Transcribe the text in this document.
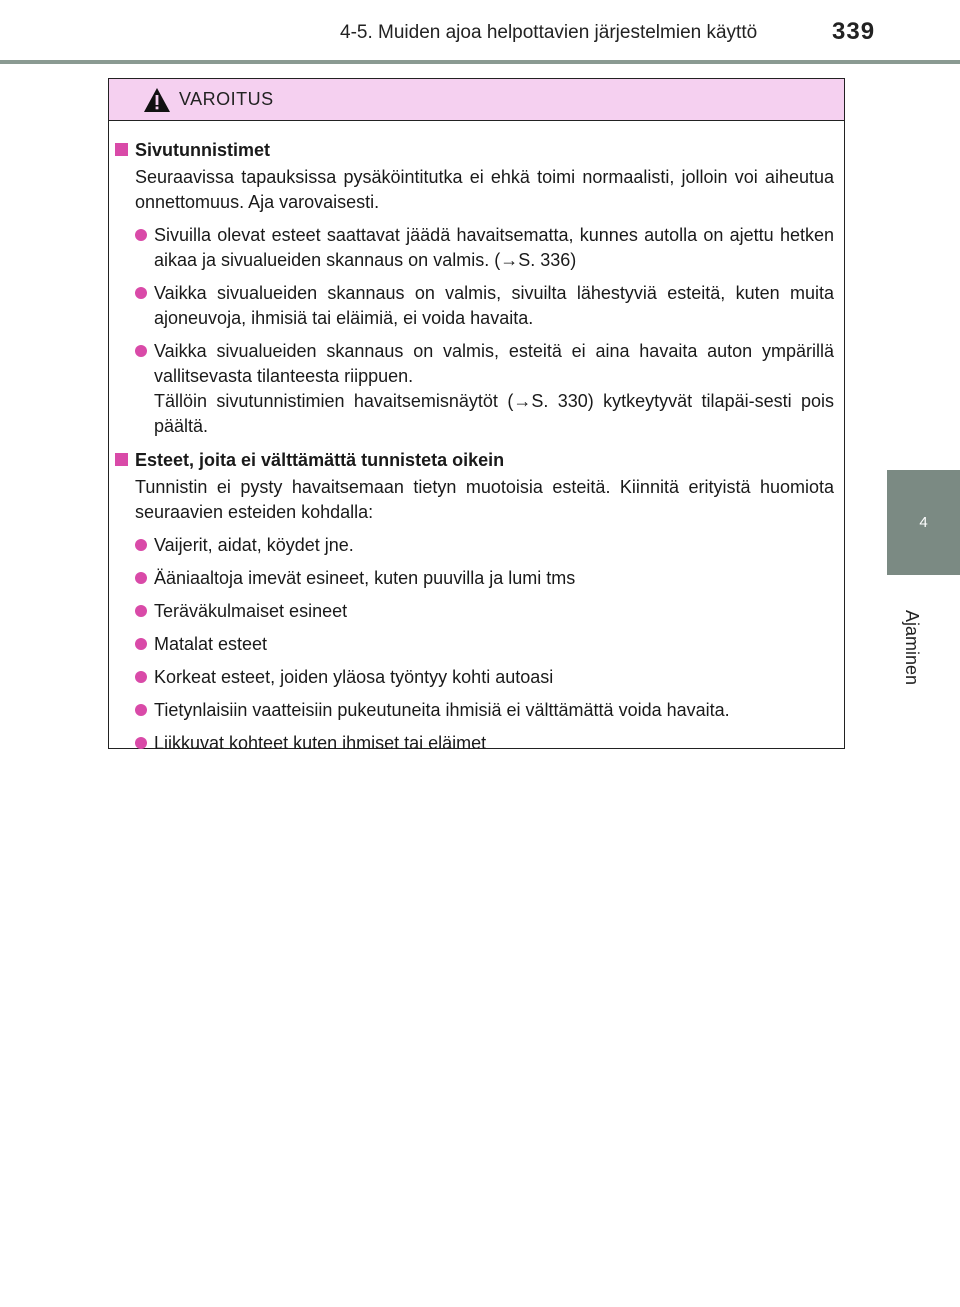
4-5. Muiden ajoa helpottavien järjestelmien käyttö	339
4
Ajaminen
VAROITUS
Sivutunnistimet

Seuraavissa tapauksissa pysäköintitutka ei ehkä toimi normaalisti, jolloin voi aiheutua onnettomuus. Aja varovaisesti.

Sivuilla olevat esteet saattavat jäädä havaitsematta, kunnes autolla on ajettu hetken aikaa ja sivualueiden skannaus on valmis. (→S. 336)
Vaikka sivualueiden skannaus on valmis, sivuilta lähestyviä esteitä, kuten muita ajoneuvoja, ihmisiä tai eläimiä, ei voida havaita.
Vaikka sivualueiden skannaus on valmis, esteitä ei aina havaita auton ympärillä vallitsevasta tilanteesta riippuen.
Tällöin sivutunnistimien havaitsemisnäytöt (→S. 330) kytkeytyvät tilapäi-sesti pois päältä.
Esteet, joita ei välttämättä tunnisteta oikein

Tunnistin ei pysty havaitsemaan tietyn muotoisia esteitä. Kiinnitä erityistä huomiota seuraavien esteiden kohdalla:

Vaijerit, aidat, köydet jne.
Ääniaaltoja imevät esineet, kuten puuvilla ja lumi tms
Teräväkulmaiset esineet
Matalat esteet
Korkeat esteet, joiden yläosa työntyy kohti autoasi
Tietynlaisiin vaatteisiin pukeutuneita ihmisiä ei välttämättä voida havaita.
Liikkuvat kohteet kuten ihmiset tai eläimet
